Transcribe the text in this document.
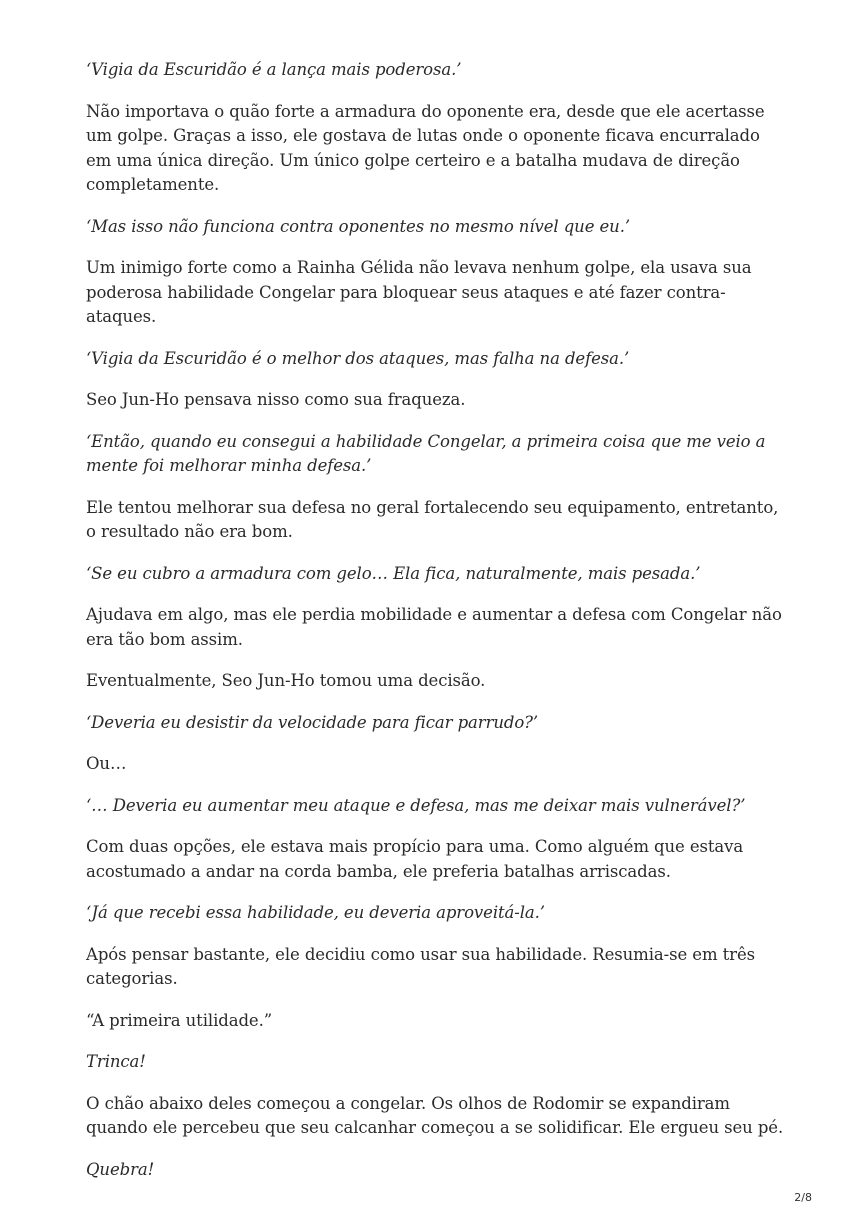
‘Vigia da Escuridão é a lança mais poderosa.’

Não importava o quão forte a armadura do oponente era, desde que ele acertasse um golpe. Graças a isso, ele gostava de lutas onde o oponente ficava encurralado em uma única direção. Um único golpe certeiro e a batalha mudava de direção completamente.

‘Mas isso não funciona contra oponentes no mesmo nível que eu.’

Um inimigo forte como a Rainha Gélida não levava nenhum golpe, ela usava sua poderosa habilidade Congelar para bloquear seus ataques e até fazer contra-ataques.

‘Vigia da Escuridão é o melhor dos ataques, mas falha na defesa.’

Seo Jun-Ho pensava nisso como sua fraqueza.

‘Então, quando eu consegui a habilidade Congelar, a primeira coisa que me veio a mente foi melhorar minha defesa.’

Ele tentou melhorar sua defesa no geral fortalecendo seu equipamento, entretanto, o resultado não era bom.

‘Se eu cubro a armadura com gelo… Ela fica, naturalmente, mais pesada.’

Ajudava em algo, mas ele perdia mobilidade e aumentar a defesa com Congelar não era tão bom assim.

Eventualmente, Seo Jun-Ho tomou uma decisão.

‘Deveria eu desistir da velocidade para ficar parrudo?’

Ou…

‘… Deveria eu aumentar meu ataque e defesa, mas me deixar mais vulnerável?’

Com duas opções, ele estava mais propício para uma. Como alguém que estava acostumado a andar na corda bamba, ele preferia batalhas arriscadas.

‘Já que recebi essa habilidade, eu deveria aproveitá-la.’

Após pensar bastante, ele decidiu como usar sua habilidade. Resumia-se em três categorias.

“A primeira utilidade.”

Trinca!

O chão abaixo deles começou a congelar. Os olhos de Rodomir se expandiram quando ele percebeu que seu calcanhar começou a se solidificar. Ele ergueu seu pé.

Quebra!

2/8
